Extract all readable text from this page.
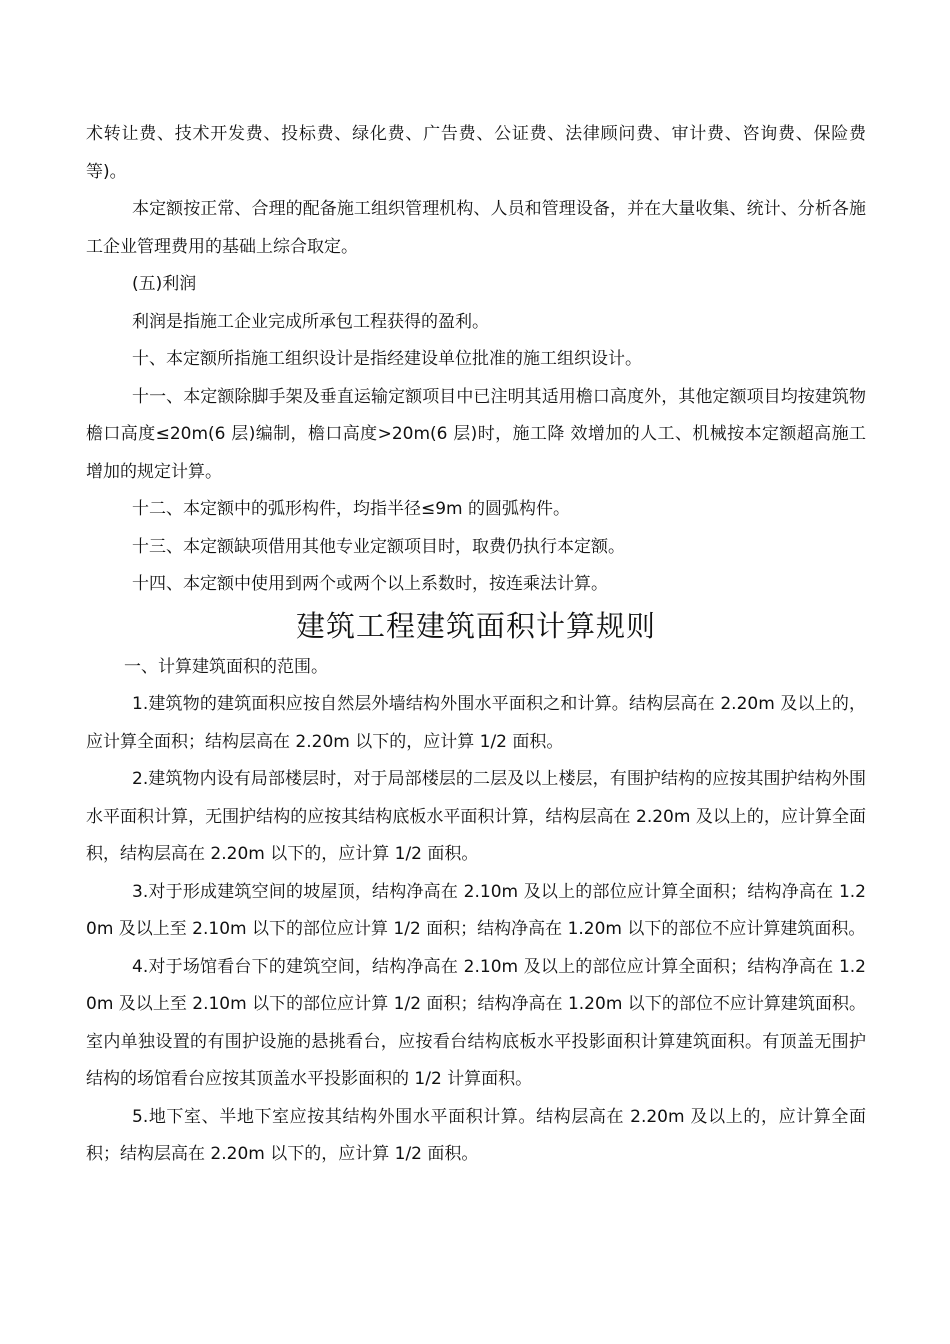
术转让费、技术开发费、投标费、绿化费、广告费、公证费、法律顾问费、审计费、咨询费、保险费等)。

本定额按正常、合理的配备施工组织管理机构、人员和管理设备，并在大量收集、统计、分析各施工企业管理费用的基础上综合取定。

(五)利润

利润是指施工企业完成所承包工程获得的盈利。

十、本定额所指施工组织设计是指经建设单位批准的施工组织设计。

十一、本定额除脚手架及垂直运输定额项目中已注明其适用檐口高度外，其他定额项目均按建筑物檐口高度≤20m(6 层)编制，檐口高度>20m(6 层)时，施工降 效增加的人工、机械按本定额超高施工增加的规定计算。

十二、本定额中的弧形构件，均指半径≤9m 的圆弧构件。

十三、本定额缺项借用其他专业定额项目时，取费仍执行本定额。

十四、本定额中使用到两个或两个以上系数时，按连乘法计算。

建筑工程建筑面积计算规则

一、计算建筑面积的范围。

1.建筑物的建筑面积应按自然层外墙结构外围水平面积之和计算。结构层高在 2.20m 及以上的，应计算全面积；结构层高在 2.20m 以下的，应计算 1/2 面积。

2.建筑物内设有局部楼层时，对于局部楼层的二层及以上楼层，有围护结构的应按其围护结构外围水平面积计算，无围护结构的应按其结构底板水平面积计算，结构层高在 2.20m 及以上的，应计算全面积，结构层高在 2.20m 以下的，应计算 1/2 面积。

3.对于形成建筑空间的坡屋顶，结构净高在 2.10m 及以上的部位应计算全面积；结构净高在 1.20m 及以上至 2.10m 以下的部位应计算 1/2 面积；结构净高在 1.20m 以下的部位不应计算建筑面积。

4.对于场馆看台下的建筑空间，结构净高在 2.10m 及以上的部位应计算全面积；结构净高在 1.20m 及以上至 2.10m 以下的部位应计算 1/2 面积；结构净高在 1.20m 以下的部位不应计算建筑面积。室内单独设置的有围护设施的悬挑看台，应按看台结构底板水平投影面积计算建筑面积。有顶盖无围护结构的场馆看台应按其顶盖水平投影面积的 1/2 计算面积。

5.地下室、半地下室应按其结构外围水平面积计算。结构层高在 2.20m 及以上的，应计算全面积；结构层高在 2.20m 以下的，应计算 1/2 面积。
